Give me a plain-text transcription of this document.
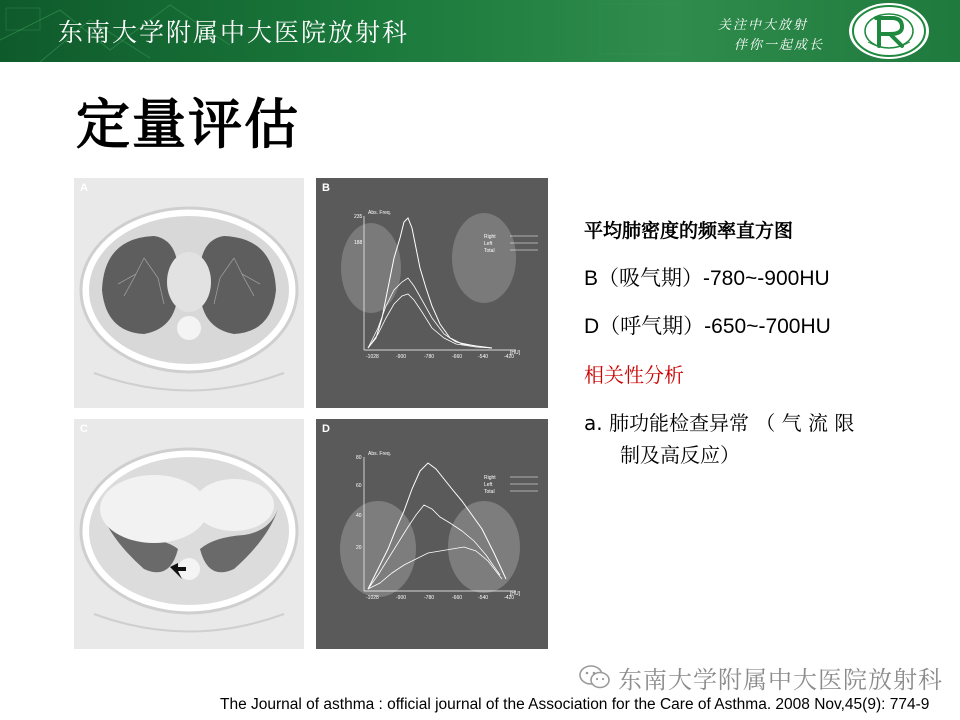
东南大学附属中大医院放射科	关注中大放射
伴你一起成长
定量评估
A
Abs. Freq.
235
188
-1028	-900	-780	-660	-540	-420
[HU]
Right
Left
Total
B
C
Abs. Freq.
80
60
40
20
-1028	-900	-780	-660	-540	-420
[HU]
Right
Left
Total
D
平均肺密度的频率直方图
B（吸气期）-780~-900HU
D（呼气期）-650~-700HU
相关性分析
a. 肺功能检查异常 （ 气 流 限
制及高反应）
东南大学附属中大医院放射科
The Journal of asthma : official journal of the Association for the Care of Asthma. 2008 Nov,45(9): 774-9
